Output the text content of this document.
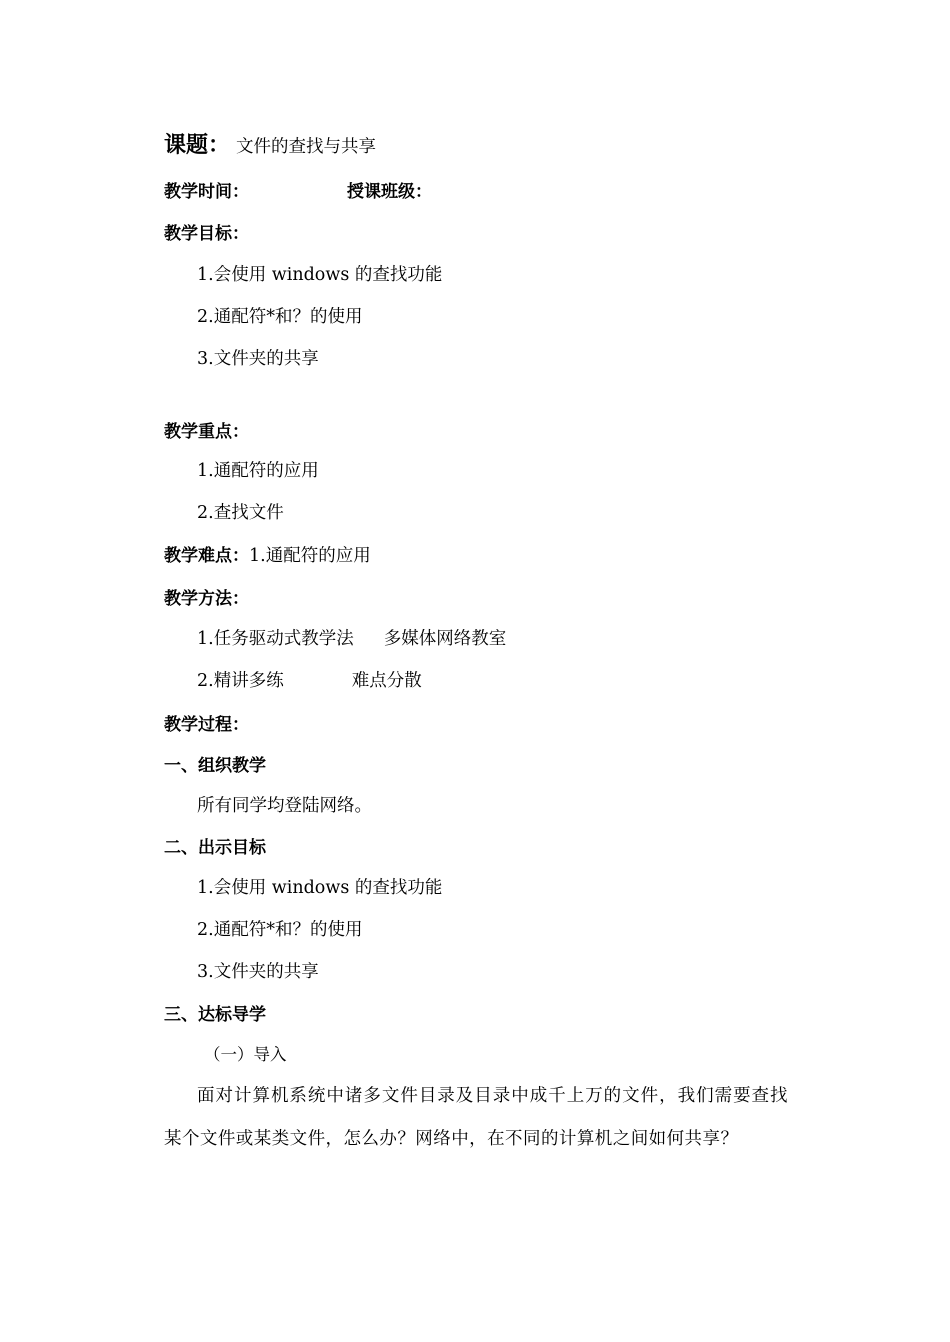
课题： 文件的查找与共享
教学时间：	授课班级：
教学目标：
1.会使用 windows 的查找功能
2.通配符*和？的使用
3.文件夹的共享
教学重点：
1.通配符的应用
2.查找文件
教学难点：1.通配符的应用
教学方法：
1.任务驱动式教学法 多媒体网络教室
2.精讲多练	难点分散
教学过程：
一、组织教学
所有同学均登陆网络。
二、出示目标
1.会使用 windows 的查找功能
2.通配符*和？的使用
3.文件夹的共享
三、达标导学
（一）导入
面对计算机系统中诸多文件目录及目录中成千上万的文件，我们需要查找某个文件或某类文件，怎么办？网络中，在不同的计算机之间如何共享？
